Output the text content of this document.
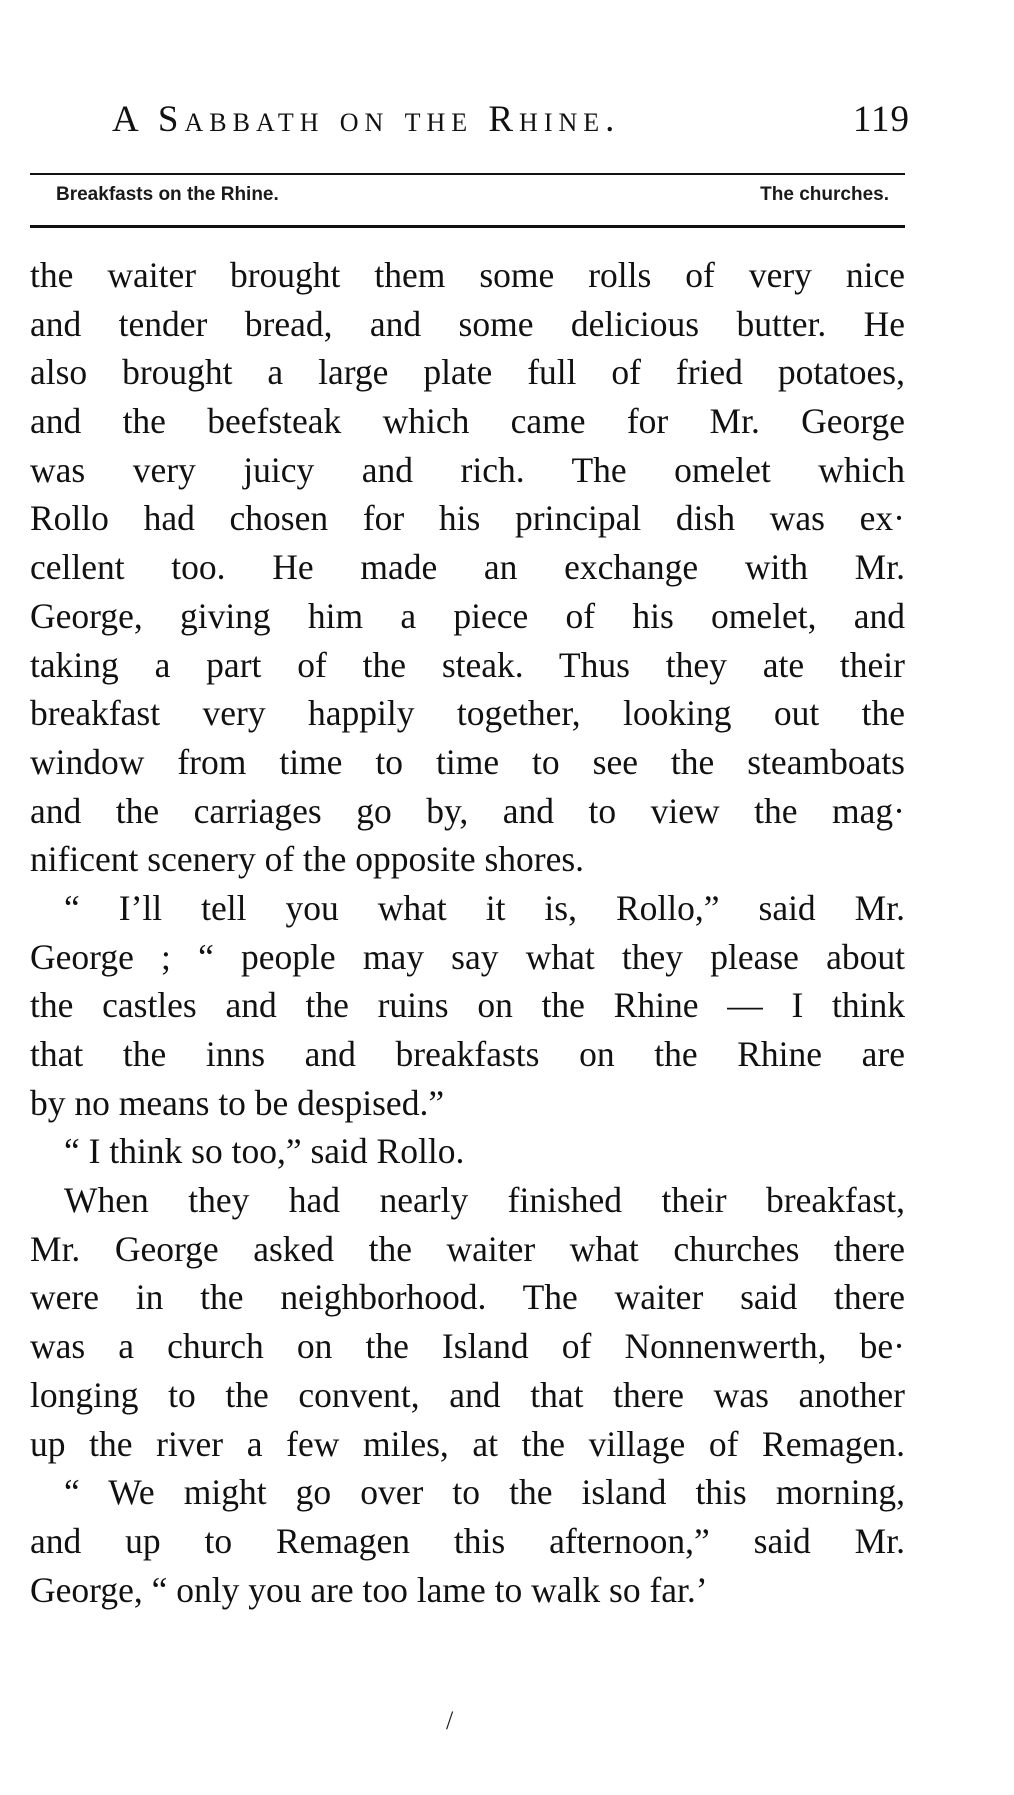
A Sabbath on the Rhine.	119
Breakfasts on the Rhine.	The churches.
the waiter brought them some rolls of very nice
and tender bread, and some delicious butter. He
also brought a large plate full of fried potatoes,
and the beefsteak which came for Mr. George
was very juicy and rich. The omelet which
Rollo had chosen for his principal dish was ex·
cellent too. He made an exchange with Mr.
George, giving him a piece of his omelet, and
taking a part of the steak. Thus they ate their
breakfast very happily together, looking out the
window from time to time to see the steamboats
and the carriages go by, and to view the mag·
nificent scenery of the opposite shores.
“ I’ll tell you what it is, Rollo,” said Mr.
George ; “ people may say what they please about
the castles and the ruins on the Rhine — I think
that the inns and breakfasts on the Rhine are
by no means to be despised.”
“ I think so too,” said Rollo.
When they had nearly finished their breakfast,
Mr. George asked the waiter what churches there
were in the neighborhood. The waiter said there
was a church on the Island of Nonnenwerth, be·
longing to the convent, and that there was another
up the river a few miles, at the village of Remagen.
“ We might go over to the island this morning,
and up to Remagen this afternoon,” said Mr.
George, “ only you are too lame to walk so far.’
/
